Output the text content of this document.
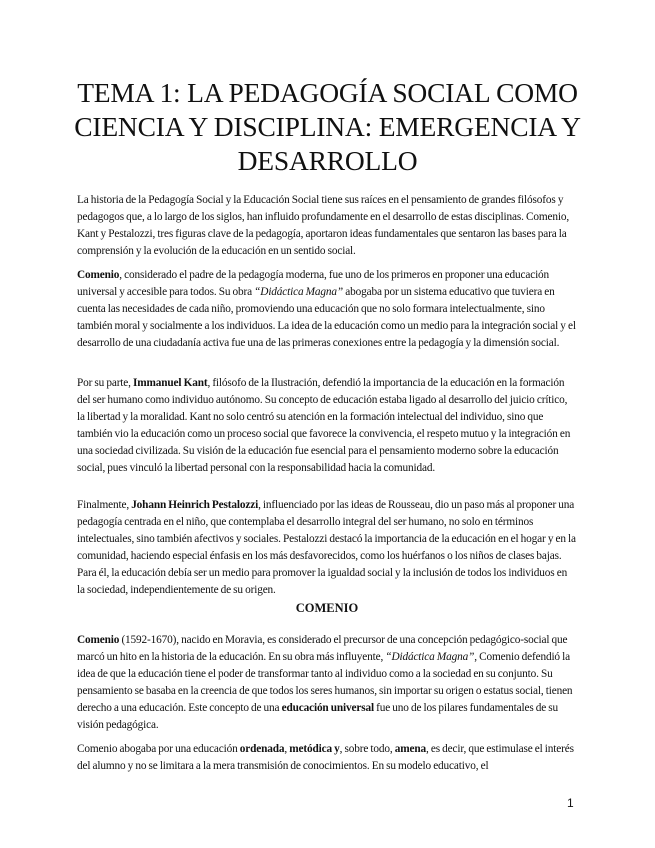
TEMA 1: LA PEDAGOGÍA SOCIAL COMO CIENCIA Y DISCIPLINA: EMERGENCIA Y DESARROLLO

La historia de la Pedagogía Social y la Educación Social tiene sus raíces en el pensamiento de grandes filósofos y pedagogos que, a lo largo de los siglos, han influido profundamente en el desarrollo de estas disciplinas. Comenio, Kant y Pestalozzi, tres figuras clave de la pedagogía, aportaron ideas fundamentales que sentaron las bases para la comprensión y la evolución de la educación en un sentido social.

Comenio, considerado el padre de la pedagogía moderna, fue uno de los primeros en proponer una educación universal y accesible para todos. Su obra “Didáctica Magna” abogaba por un sistema educativo que tuviera en cuenta las necesidades de cada niño, promoviendo una educación que no solo formara intelectualmente, sino también moral y socialmente a los individuos. La idea de la educación como un medio para la integración social y el desarrollo de una ciudadanía activa fue una de las primeras conexiones entre la pedagogía y la dimensión social.

Por su parte, Immanuel Kant, filósofo de la Ilustración, defendió la importancia de la educación en la formación del ser humano como individuo autónomo. Su concepto de educación estaba ligado al desarrollo del juicio crítico, la libertad y la moralidad. Kant no solo centró su atención en la formación intelectual del individuo, sino que también vio la educación como un proceso social que favorece la convivencia, el respeto mutuo y la integración en una sociedad civilizada. Su visión de la educación fue esencial para el pensamiento moderno sobre la educación social, pues vinculó la libertad personal con la responsabilidad hacia la comunidad.

Finalmente, Johann Heinrich Pestalozzi, influenciado por las ideas de Rousseau, dio un paso más al proponer una pedagogía centrada en el niño, que contemplaba el desarrollo integral del ser humano, no solo en términos intelectuales, sino también afectivos y sociales. Pestalozzi destacó la importancia de la educación en el hogar y en la comunidad, haciendo especial énfasis en los más desfavorecidos, como los huérfanos o los niños de clases bajas. Para él, la educación debía ser un medio para promover la igualdad social y la inclusión de todos los individuos en la sociedad, independientemente de su origen.

COMENIO

Comenio (1592-1670), nacido en Moravia, es considerado el precursor de una concepción pedagógico-social que marcó un hito en la historia de la educación. En su obra más influyente, “Didáctica Magna”, Comenio defendió la idea de que la educación tiene el poder de transformar tanto al individuo como a la sociedad en su conjunto. Su pensamiento se basaba en la creencia de que todos los seres humanos, sin importar su origen o estatus social, tienen derecho a una educación. Este concepto de una educación universal fue uno de los pilares fundamentales de su visión pedagógica.

Comenio abogaba por una educación ordenada, metódica y, sobre todo, amena, es decir, que estimulase el interés del alumno y no se limitara a la mera transmisión de conocimientos. En su modelo educativo, el

1
